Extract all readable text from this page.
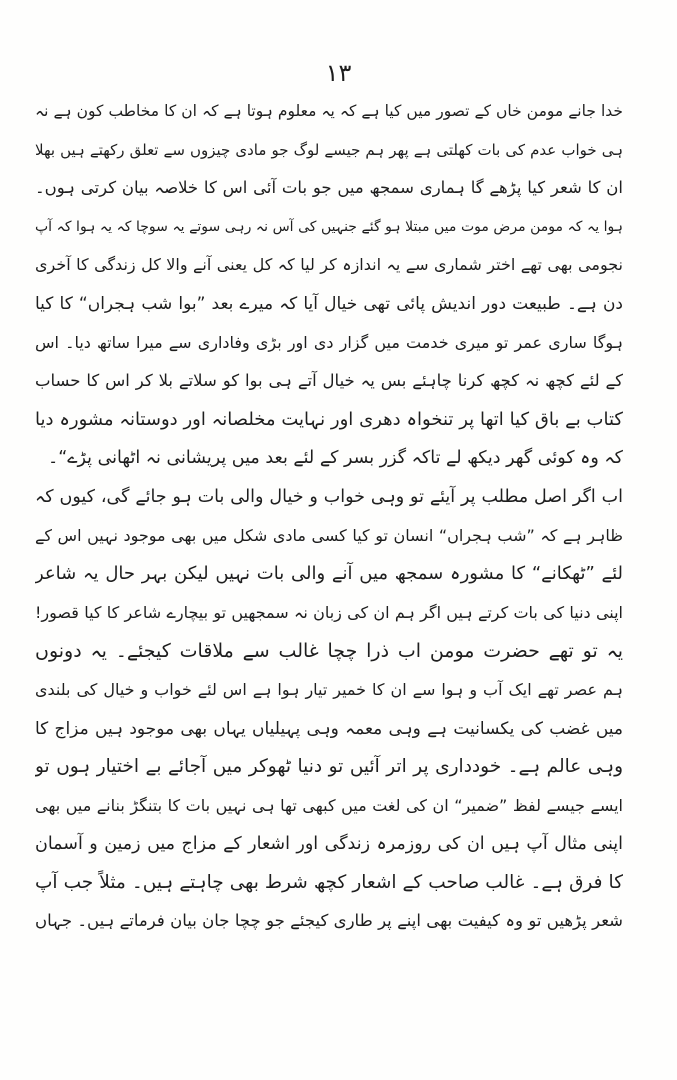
۱۳
خدا جانے مومن خاں کے تصور میں کیا ہے کہ یہ معلوم ہوتا ہے کہ ان کا مخاطب کون ہے نہ
ہی خواب عدم کی بات کھلتی ہے پھر ہم جیسے لوگ جو مادی چیزوں سے تعلق رکھتے ہیں بھلا
ان کا شعر کیا پڑھے گا ہماری سمجھ میں جو بات آئی اس کا خلاصہ بیان کرتی ہوں۔
ہوا یہ کہ مومن مرض موت میں مبتلا ہو گئے جنہیں کی آس نہ رہی سوتے یہ سوچا کہ یہ ہوا کہ آپ
نجومی بھی تھے اختر شماری سے یہ اندازہ کر لیا کہ کل یعنی آنے والا کل زندگی کا آخری
دن ہے۔ طبیعت دور اندیش پائی تھی خیال آیا کہ میرے بعد ”بوا شب ہجراں“ کا کیا
ہوگا ساری عمر تو میری خدمت میں گزار دی اور بڑی وفاداری سے میرا ساتھ دیا۔ اس
کے لئے کچھ نہ کچھ کرنا چاہئے بس یہ خیال آتے ہی بوا کو سلاتے بلا کر اس کا حساب
کتاب بے باق کیا اتھا پر تنخواہ دھری اور نہایت مخلصانہ اور دوستانہ مشورہ دیا
کہ وہ کوئی گھر دیکھ لے تاکہ گزر بسر کے لئے بعد میں پریشانی نہ اٹھانی پڑے“۔
اب اگر اصل مطلب پر آیئے تو وہی خواب و خیال والی بات ہو جائے گی، کیوں کہ
ظاہر ہے کہ ”شب ہجراں“ انسان تو کیا کسی مادی شکل میں بھی موجود نہیں اس کے
لئے ”ٹھکانے“ کا مشورہ سمجھ میں آنے والی بات نہیں لیکن بہر حال یہ شاعر
اپنی دنیا کی بات کرتے ہیں اگر ہم ان کی زبان نہ سمجھیں تو بیچارے شاعر کا کیا قصور!
یہ تو تھے حضرت مومن اب ذرا چچا غالب سے ملاقات کیجئے۔ یہ دونوں
ہم عصر تھے ایک آب و ہوا سے ان کا خمیر تیار ہوا ہے اس لئے خواب و خیال کی بلندی
میں غضب کی یکسانیت ہے وہی معمہ وہی پہیلیاں یہاں بھی موجود ہیں مزاج کا
وہی عالم ہے۔ خودداری پر اتر آئیں تو دنیا ٹھوکر میں آجائے بے اختیار ہوں تو
ایسے جیسے لفظ ”ضمیر“ ان کی لغت میں کبھی تھا ہی نہیں بات کا بتنگڑ بنانے میں بھی
اپنی مثال آپ ہیں ان کی روزمرہ زندگی اور اشعار کے مزاج میں زمین و آسمان
کا فرق ہے۔ غالب صاحب کے اشعار کچھ شرط بھی چاہتے ہیں۔ مثلاً جب آپ
شعر پڑھیں تو وہ کیفیت بھی اپنے پر طاری کیجئے جو چچا جان بیان فرماتے ہیں۔ جہاں
